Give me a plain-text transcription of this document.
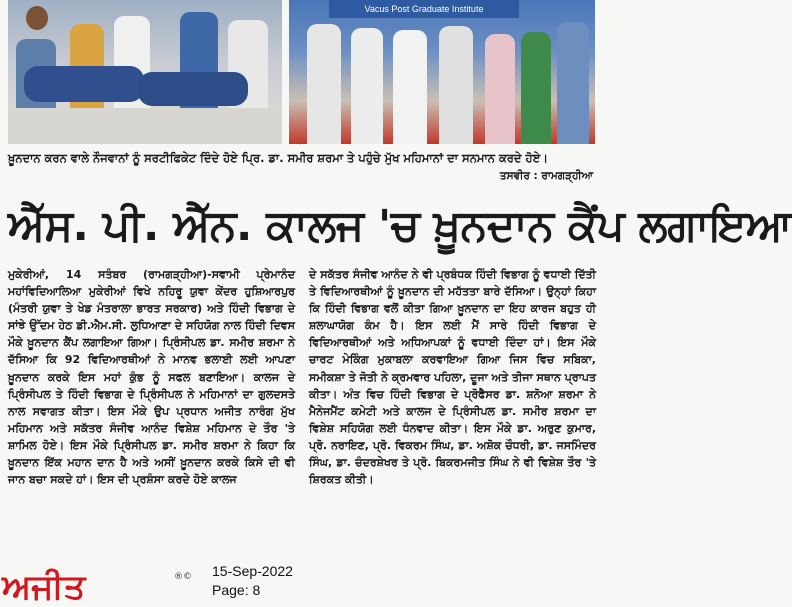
Vacus Post Graduate Institute
ਖ਼ੂਨਦਾਨ ਕਰਨ ਵਾਲੇ ਨੌਜਵਾਨਾਂ ਨੂੰ ਸਰਟੀਫਿਕੇਟ ਦਿੰਦੇ ਹੋਏ ਪ੍ਰਿ. ਡਾ. ਸਮੀਰ ਸ਼ਰਮਾ ਤੇ ਪਹੁੰਚੇ ਮੁੱਖ ਮਹਿਮਾਨਾਂ ਦਾ ਸਨਮਾਨ ਕਰਦੇ ਹੋਏ।
ਤਸਵੀਰ : ਰਾਮਗੜ੍ਹੀਆ
ਐੱਸ. ਪੀ. ਐੱਨ. ਕਾਲਜ 'ਚ ਖ਼ੂਨਦਾਨ ਕੈਂਪ ਲਗਾਇਆ
ਮੁਕੇਰੀਆਂ, 14 ਸਤੰਬਰ (ਰਾਮਗੜ੍ਹੀਆ)-ਸਵਾਮੀ ਪ੍ਰੇਮਾਨੰਦ ਮਹਾਂਵਿਦਿਆਲਿਆ ਮੁਕੇਰੀਆਂ ਵਿਖੇ ਨਹਿਰੂ ਯੁਵਾ ਕੇਂਦਰ ਹੁਸ਼ਿਆਰਪੁਰ (ਮੰਤਰੀ ਯੁਵਾ ਤੇ ਖੇਡ ਮੰਤਰਾਲਾ ਭਾਰਤ ਸਰਕਾਰ) ਅਤੇ ਹਿੰਦੀ ਵਿਭਾਗ ਦੇ ਸਾਂਝੇ ਉੱਦਮ ਹੇਠ ਡੀ.ਐਮ.ਸੀ. ਲੁਧਿਆਣਾ ਦੇ ਸਹਿਯੋਗ ਨਾਲ ਹਿੰਦੀ ਦਿਵਸ ਮੌਕੇ ਖ਼ੂਨਦਾਨ ਕੈਂਪ ਲਗਾਇਆ ਗਿਆ। ਪ੍ਰਿੰਸੀਪਲ ਡਾ. ਸਮੀਰ ਸ਼ਰਮਾ ਨੇ ਦੱਸਿਆ ਕਿ 92 ਵਿਦਿਆਰਥੀਆਂ ਨੇ ਮਾਨਵ ਭਲਾਈ ਲਈ ਆਪਣਾ ਖ਼ੂਨਦਾਨ ਕਰਕੇ ਇਸ ਮਹਾਂ ਕੁੰਭ ਨੂੰ ਸਫਲ ਬਣਾਇਆ। ਕਾਲਜ ਦੇ ਪ੍ਰਿੰਸੀਪਲ ਤੇ ਹਿੰਦੀ ਵਿਭਾਗ ਦੇ ਪ੍ਰਿੰਸੀਪਲ ਨੇ ਮਹਿਮਾਨਾਂ ਦਾ ਗੁਲਦਸਤੇ ਨਾਲ ਸਵਾਗਤ ਕੀਤਾ। ਇਸ ਮੌਕੇ ਉਪ ਪ੍ਰਧਾਨ ਅਜੀਤ ਨਾਰੰਗ ਮੁੱਖ ਮਹਿਮਾਨ ਅਤੇ ਸਕੱਤਰ ਸੰਜੀਵ ਆਨੰਦ ਵਿਸ਼ੇਸ਼ ਮਹਿਮਾਨ ਦੇ ਤੌਰ 'ਤੇ ਸ਼ਾਮਿਲ ਹੋਏ। ਇਸ ਮੌਕੇ ਪ੍ਰਿੰਸੀਪਲ ਡਾ. ਸਮੀਰ ਸ਼ਰਮਾ ਨੇ ਕਿਹਾ ਕਿ ਖ਼ੂਨਦਾਨ ਇੱਕ ਮਹਾਨ ਦਾਨ ਹੈ ਅਤੇ ਅਸੀਂ ਖ਼ੂਨਦਾਨ ਕਰਕੇ ਕਿਸੇ ਦੀ ਵੀ ਜਾਨ ਬਚਾ ਸਕਦੇ ਹਾਂ। ਇਸ ਦੀ ਪ੍ਰਸ਼ੰਸਾ ਕਰਦੇ ਹੋਏ ਕਾਲਜ
ਦੇ ਸਕੱਤਰ ਸੰਜੀਵ ਆਨੰਦ ਨੇ ਵੀ ਪ੍ਰਬੰਧਕ ਹਿੰਦੀ ਵਿਭਾਗ ਨੂੰ ਵਧਾਈ ਦਿੱਤੀ ਤੇ ਵਿਦਿਆਰਥੀਆਂ ਨੂੰ ਖ਼ੂਨਦਾਨ ਦੀ ਮਹੱਤਤਾ ਬਾਰੇ ਦੱਸਿਆ। ਉਨ੍ਹਾਂ ਕਿਹਾ ਕਿ ਹਿੰਦੀ ਵਿਭਾਗ ਵਲੋਂ ਕੀਤਾ ਗਿਆ ਖ਼ੂਨਦਾਨ ਦਾ ਇਹ ਕਾਰਜ ਬਹੁਤ ਹੀ ਸ਼ਲਾਘਾਯੋਗ ਕੰਮ ਹੈ। ਇਸ ਲਈ ਮੈਂ ਸਾਰੇ ਹਿੰਦੀ ਵਿਭਾਗ ਦੇ ਵਿਦਿਆਰਥੀਆਂ ਅਤੇ ਅਧਿਆਪਕਾਂ ਨੂੰ ਵਧਾਈ ਦਿੰਦਾ ਹਾਂ। ਇਸ ਮੌਕੇ ਚਾਰਟ ਮੇਕਿੰਗ ਮੁਕਾਬਲਾ ਕਰਵਾਇਆ ਗਿਆ ਜਿਸ ਵਿਚ ਸਬਿਕਾ, ਸਮੀਕਸ਼ਾ ਤੇ ਜੋਤੀ ਨੇ ਕ੍ਰਮਵਾਰ ਪਹਿਲਾ, ਦੂਜਾ ਅਤੇ ਤੀਜਾ ਸਥਾਨ ਪ੍ਰਾਪਤ ਕੀਤਾ। ਅੰਤ ਵਿਚ ਹਿੰਦੀ ਵਿਭਾਗ ਦੇ ਪ੍ਰੋਫੈਸਰ ਡਾ. ਸ਼ਨੋਆ ਸ਼ਰਮਾ ਨੇ ਮੈਨੇਜਮੈਂਟ ਕਮੇਟੀ ਅਤੇ ਕਾਲਜ ਦੇ ਪ੍ਰਿੰਸੀਪਲ ਡਾ. ਸਮੀਰ ਸ਼ਰਮਾ ਦਾ ਵਿਸ਼ੇਸ਼ ਸਹਿਯੋਗ ਲਈ ਧੰਨਵਾਦ ਕੀਤਾ। ਇਸ ਮੌਕੇ ਡਾ. ਅਰੁਣ ਕੁਮਾਰ, ਪ੍ਰੋ. ਨਰਾਇਣ, ਪ੍ਰੋ. ਵਿਕਰਮ ਸਿੰਘ, ਡਾ. ਅਸ਼ੋਕ ਚੌਧਰੀ, ਡਾ. ਜਸਮਿੰਦਰ ਸਿੰਘ, ਡਾ. ਚੰਦਰਸ਼ੇਖਰ ਤੇ ਪ੍ਰੋ. ਬਿਕਰਮਜੀਤ ਸਿੰਘ ਨੇ ਵੀ ਵਿਸ਼ੇਸ਼ ਤੌਰ 'ਤੇ ਸ਼ਿਰਕਤ ਕੀਤੀ।
ਅਜੀਤ	®© 15-Sep-2022
Page: 8
